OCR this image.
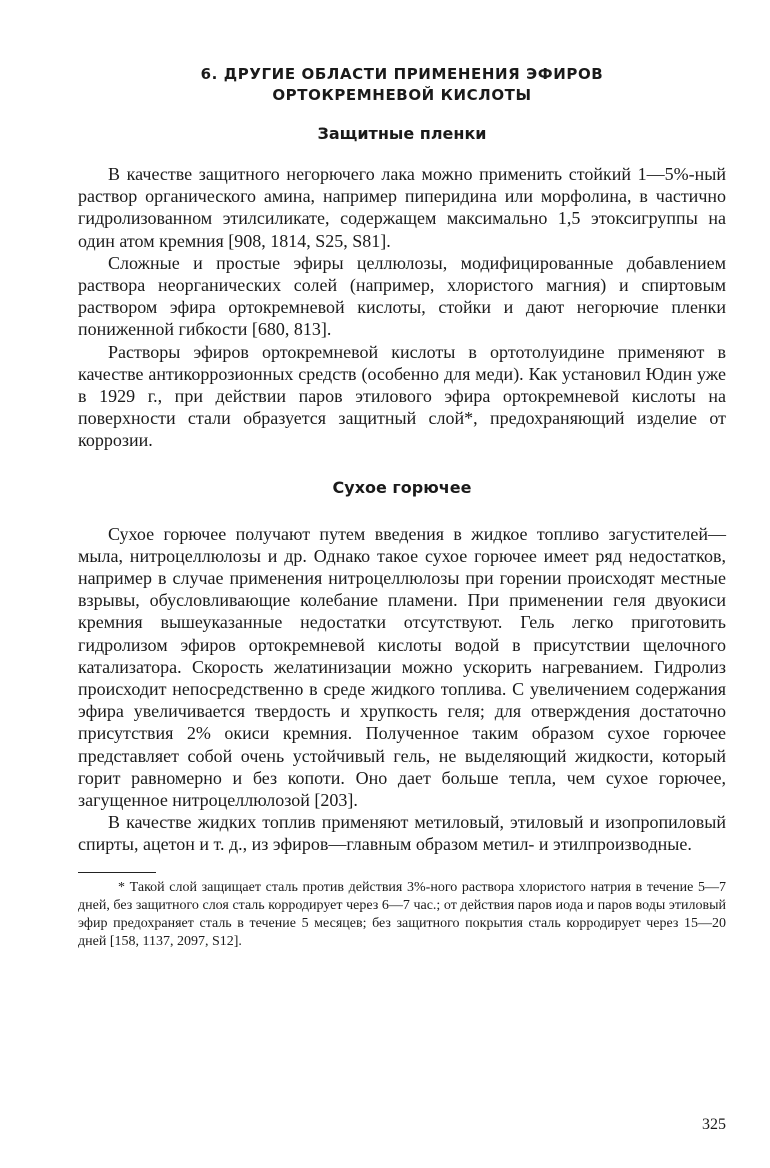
6. ДРУГИЕ ОБЛАСТИ ПРИМЕНЕНИЯ ЭФИРОВ
ОРТОКРЕМНЕВОЙ КИСЛОТЫ
Защитные пленки

В качестве защитного негорючего лака можно применить стойкий 1—5%-ный раствор органического амина, например пиперидина или морфолина, в частично гидролизованном этилсиликате, содержащем максимально 1,5 этоксигруппы на один атом кремния [908, 1814, S25, S81].

Сложные и простые эфиры целлюлозы, модифицированные добавлением раствора неорганических солей (например, хлористого магния) и спиртовым раствором эфира ортокремневой кислоты, стойки и дают негорючие пленки пониженной гибкости [680, 813].

Растворы эфиров ортокремневой кислоты в ортотолуидине применяют в качестве антикоррозионных средств (особенно для меди). Как установил Юдин уже в 1929 г., при действии паров этилового эфира ортокремневой кислоты на поверхности стали образуется защитный слой*, предохраняющий изделие от коррозии.

Сухое горючее

Сухое горючее получают путем введения в жидкое топливо загустителей—мыла, нитроцеллюлозы и др. Однако такое сухое горючее имеет ряд недостатков, например в случае применения нитроцеллюлозы при горении происходят местные взрывы, обусловливающие колебание пламени. При применении геля двуокиси кремния вышеуказанные недостатки отсутствуют. Гель легко приготовить гидролизом эфиров ортокремневой кислоты водой в присутствии щелочного катализатора. Скорость желатинизации можно ускорить нагреванием. Гидролиз происходит непосредственно в среде жидкого топлива. С увеличением содержания эфира увеличивается твердость и хрупкость геля; для отверждения достаточно присутствия 2% окиси кремния. Полученное таким образом сухое горючее представляет собой очень устойчивый гель, не выделяющий жидкости, который горит равномерно и без копоти. Оно дает больше тепла, чем сухое горючее, загущенное нитроцеллюлозой [203].

В качестве жидких топлив применяют метиловый, этиловый и изопропиловый спирты, ацетон и т. д., из эфиров—главным образом метил- и этилпроизводные.

* Такой слой защищает сталь против действия 3%-ного раствора хлористого натрия в течение 5—7 дней, без защитного слоя сталь корродирует через 6—7 час.; от действия паров иода и паров воды этиловый эфир предохраняет сталь в течение 5 месяцев; без защитного покрытия сталь корродирует через 15—20 дней [158, 1137, 2097, S12].

325
